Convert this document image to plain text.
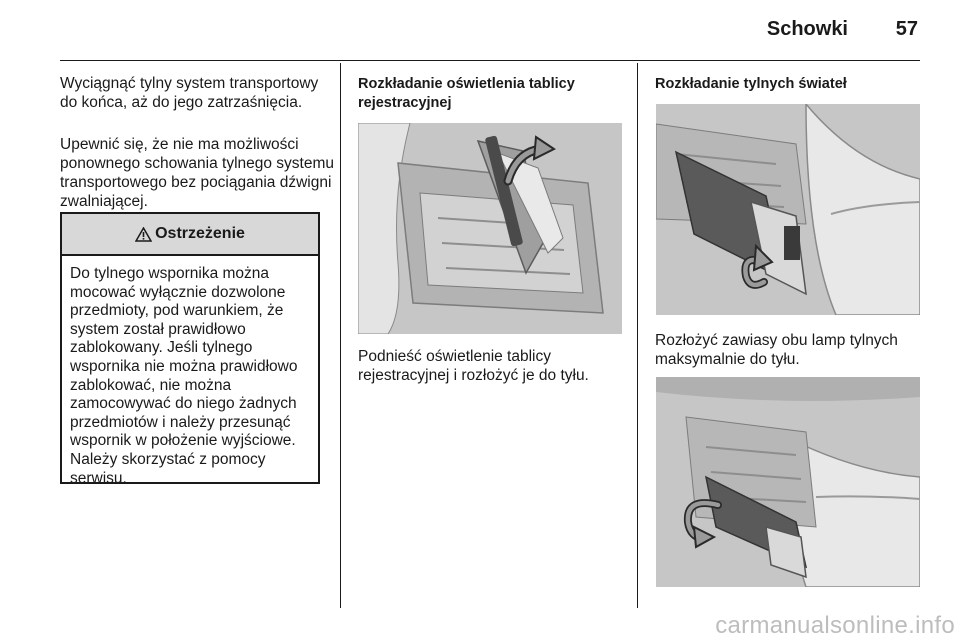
Schowki	57

Wyciągnąć tylny system transportowy do końca, aż do jego zatrzaśnięcia.

Upewnić się, że nie ma możliwości ponownego schowania tylnego systemu transportowego bez pociągania dźwigni zwalniającej.

Ostrzeżenie
Do tylnego wspornika można mocować wyłącznie dozwolone przedmioty, pod warunkiem, że system został prawidłowo zablokowany. Jeśli tylnego wspornika nie można prawidłowo zablokować, nie można zamocowywać do niego żadnych przedmiotów i należy przesunąć wspornik w położenie wyjściowe. Należy skorzystać z pomocy serwisu.

Rozkładanie oświetlenia tablicy rejestracyjnej

Podnieść oświetlenie tablicy rejestracyjnej i rozłożyć je do tyłu.

Rozkładanie tylnych świateł

Rozłożyć zawiasy obu lamp tylnych maksymalnie do tyłu.

carmanualsonline.info
